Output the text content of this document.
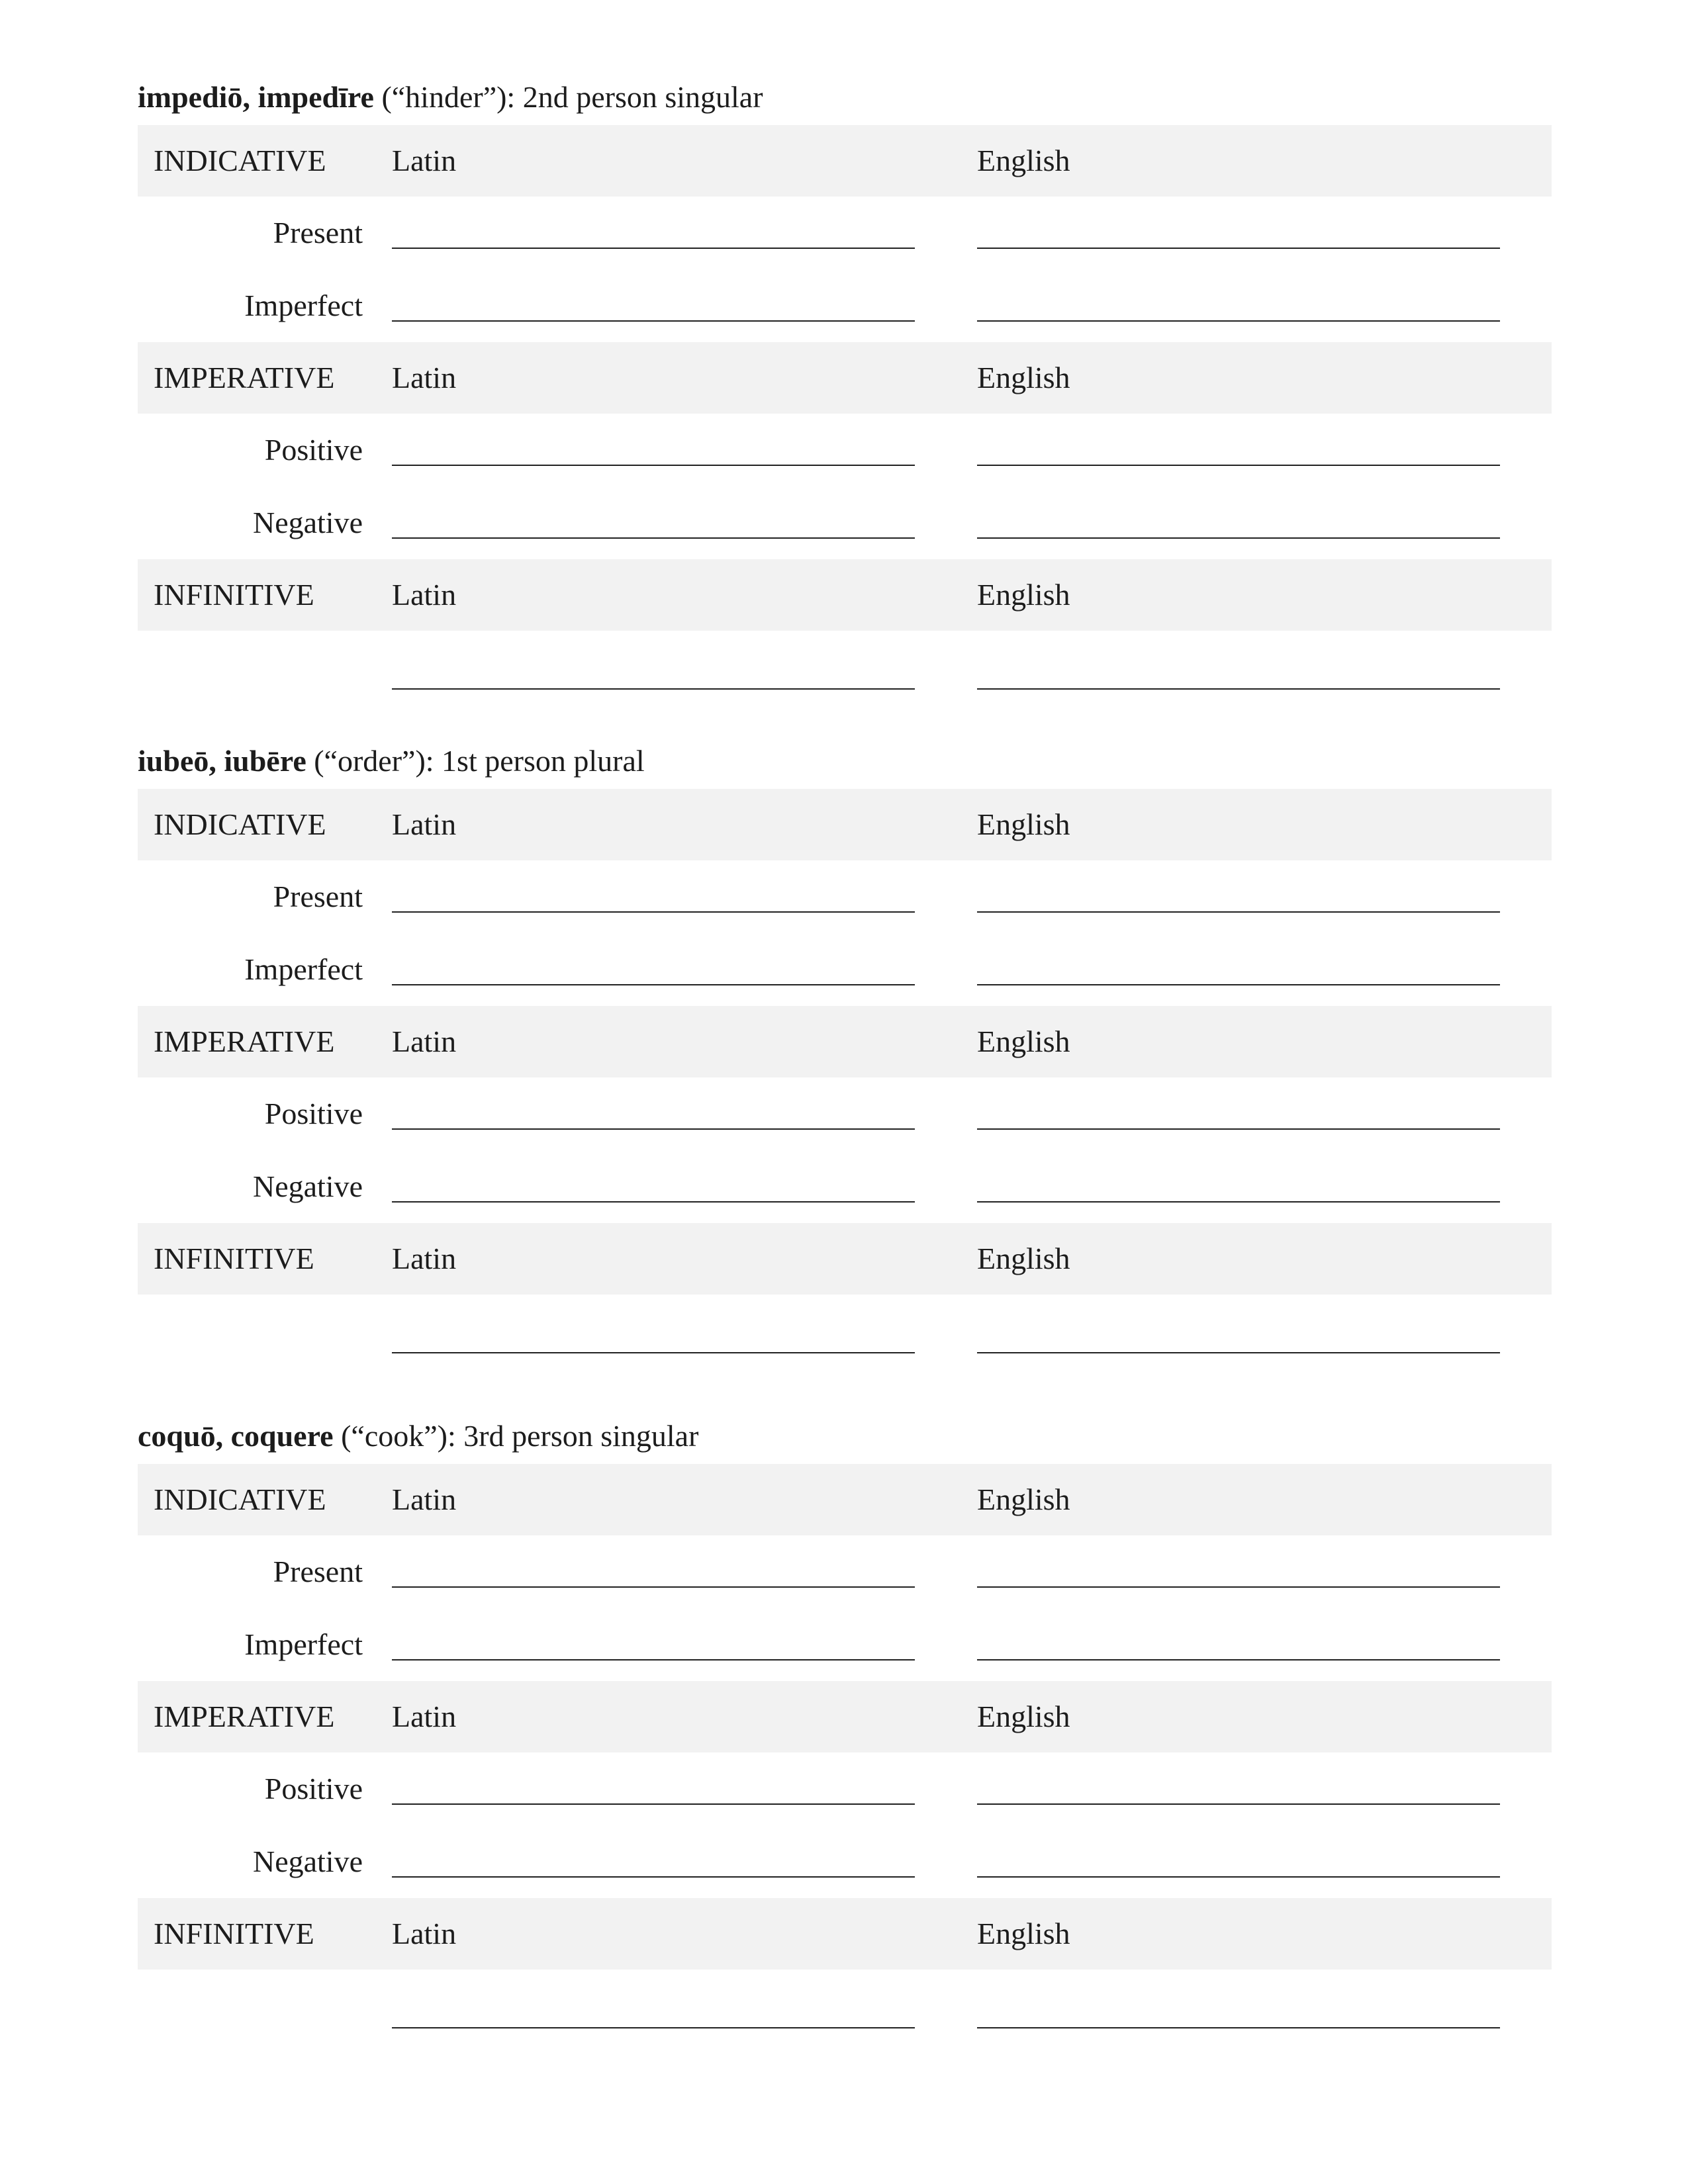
impediō, impedīre (“hinder”): 2nd person singular
INDICATIVE Latin	English
Present
Imperfect
IMPERATIVE Latin	English
Positive
Negative
INFINITIVE	Latin	English
iubeō, iubēre (“order”): 1st person plural
INDICATIVE Latin	English
Present
Imperfect
IMPERATIVE Latin	English
Positive
Negative
INFINITIVE	Latin	English
coquō, coquere (“cook”): 3rd person singular
INDICATIVE Latin	English
Present
Imperfect
IMPERATIVE Latin	English
Positive
Negative
INFINITIVE	Latin	English
